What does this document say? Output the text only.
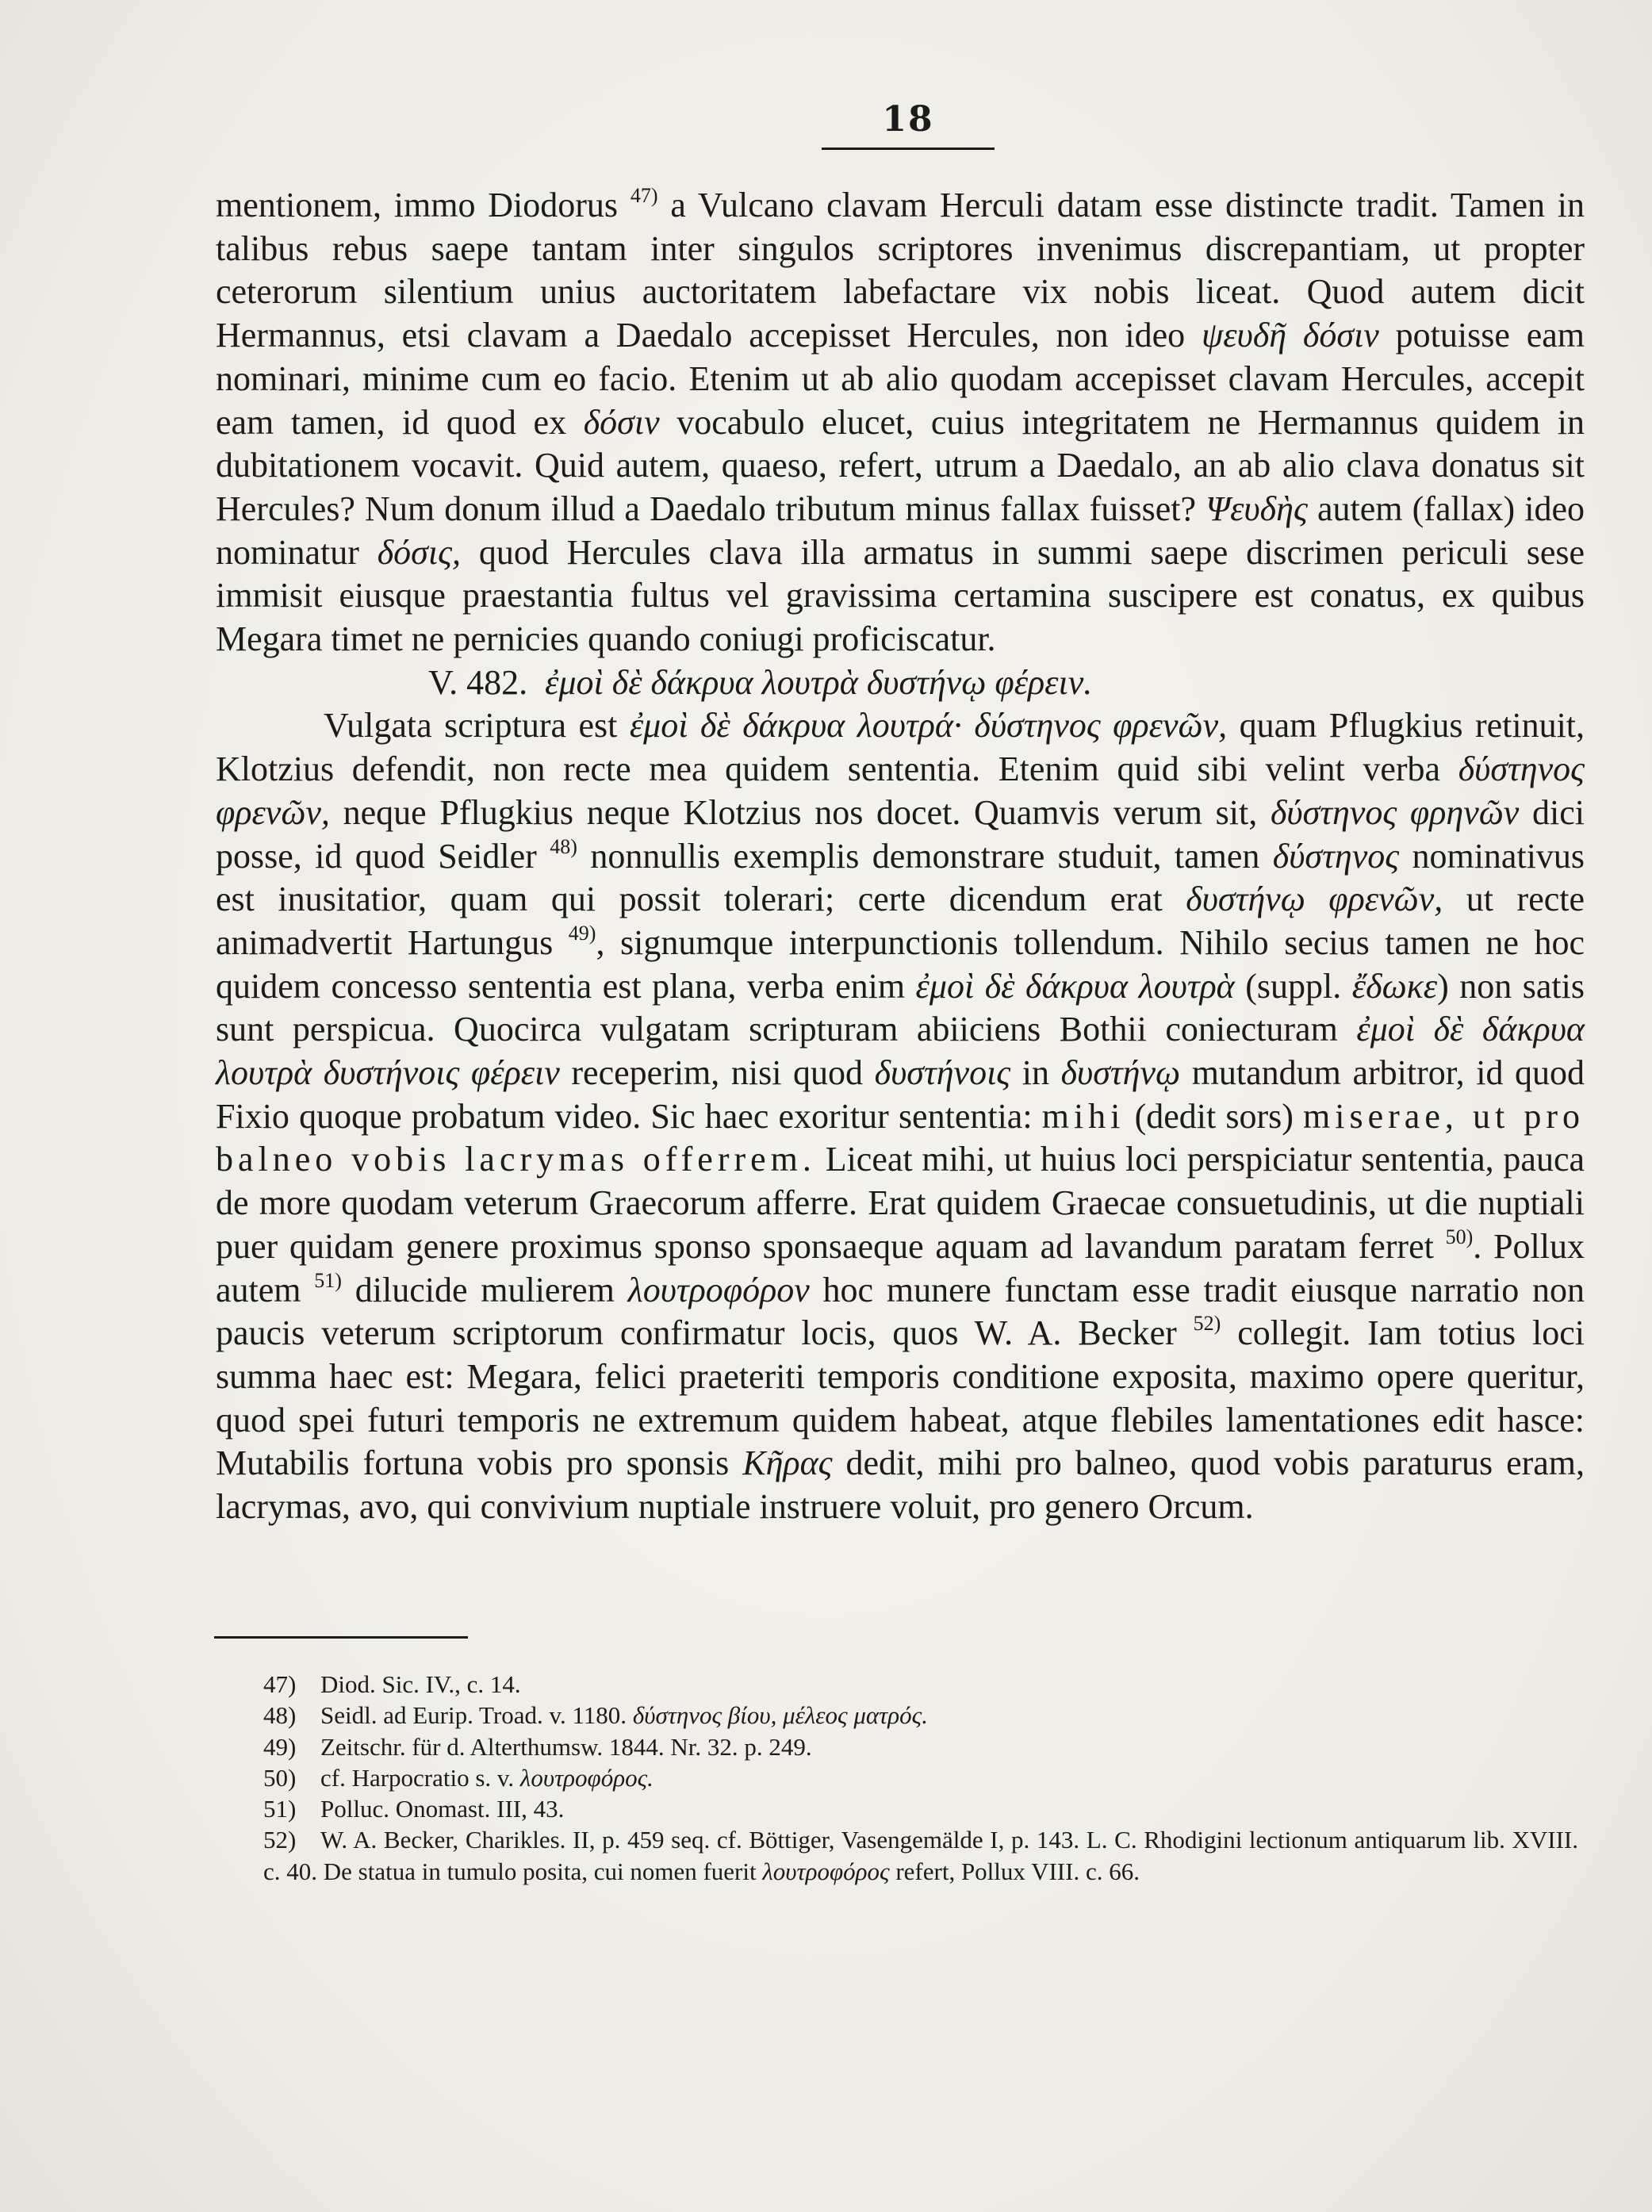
18

mentionem, immo Diodorus $^{47)}$ a Vulcano clavam Herculi datam esse distincte tradit. Tamen in talibus rebus saepe tantam inter singulos scriptores invenimus discrepantiam, ut propter ceterorum silentium unius auctoritatem labefactare vix nobis liceat. Quod autem dicit Hermannus, etsi clavam a Daedalo accepisset Hercules, non ideo ψευδῆ δόσιν potuisse eam nominari, minime cum eo facio. Etenim ut ab alio quodam accepisset clavam Hercules, accepit eam tamen, id quod ex δόσιν vocabulo elucet, cuius integritatem ne Hermannus quidem in dubitationem vocavit. Quid autem, quaeso, refert, utrum a Daedalo, an ab alio clava donatus sit Hercules? Num donum illud a Daedalo tributum minus fallax fuisset? Ψευδὴς autem (fallax) ideo nominatur δόσις, quod Hercules clava illa armatus in summi saepe discrimen periculi sese immisit eiusque praestantia fultus vel gravissima certamina suscipere est conatus, ex quibus Megara timet ne pernicies quando coniugi proficiscatur.

V. 482. ἐμοὶ δὲ δάκρυα λουτρὰ δυστήνῳ φέρειν.

Vulgata scriptura est ἐμοὶ δὲ δάκρυα λουτρά· δύστηνος φρενῶν, quam Pflugkius retinuit, Klotzius defendit, non recte mea quidem sententia. Etenim quid sibi velint verba δύστηνος φρενῶν, neque Pflugkius neque Klotzius nos docet. Quamvis verum sit, δύστηνος φρηνῶν dici posse, id quod Seidler $^{48)}$ nonnullis exemplis demonstrare studuit, tamen δύστηνος nominativus est inusitatior, quam qui possit tolerari; certe dicendum erat δυστήνῳ φρενῶν, ut recte animadvertit Hartungus $^{49)}$, signumque interpunctionis tollendum. Nihilo secius tamen ne hoc quidem concesso sententia est plana, verba enim ἐμοὶ δὲ δάκρυα λουτρὰ (suppl. ἔδωκε) non satis sunt perspicua. Quocirca vulgatam scripturam abiiciens Bothii coniecturam ἐμοὶ δὲ δάκρυα λουτρὰ δυστήνοις φέρειν receperim, nisi quod δυστήνοις in δυστήνῳ mutandum arbitror, id quod Fixio quoque probatum video. Sic haec exoritur sententia: mihi (dedit sors) miserae, ut pro balneo vobis lacrymas offerrem. Liceat mihi, ut huius loci perspiciatur sententia, pauca de more quodam veterum Graecorum afferre. Erat quidem Graecae consuetudinis, ut die nuptiali puer quidam genere proximus sponso sponsaeque aquam ad lavandum paratam ferret $^{50)}$. Pollux autem $^{51)}$ dilucide mulierem λουτροφόρον hoc munere functam esse tradit eiusque narratio non paucis veterum scriptorum confirmatur locis, quos W. A. Becker $^{52)}$ collegit. Iam totius loci summa haec est: Megara, felici praeteriti temporis conditione exposita, maximo opere queritur, quod spei futuri temporis ne extremum quidem habeat, atque flebiles lamentationes edit hasce: Mutabilis fortuna vobis pro sponsis Κῆρας dedit, mihi pro balneo, quod vobis paraturus eram, lacrymas, avo, qui convivium nuptiale instruere voluit, pro genero Orcum.

47) Diod. Sic. IV., c. 14.

48) Seidl. ad Eurip. Troad. v. 1180. δύστηνος βίου, μέλεος ματρός.

49) Zeitschr. für d. Alterthumsw. 1844. Nr. 32. p. 249.

50) cf. Harpocratio s. v. λουτροφόρος.

51) Polluc. Onomast. III, 43.

52) W. A. Becker, Charikles. II, p. 459 seq. cf. Böttiger, Vasengemälde I, p. 143. L. C. Rhodigini lectionum antiquarum lib. XVIII. c. 40. De statua in tumulo posita, cui nomen fuerit λουτροφόρος refert, Pollux VIII. c. 66.
